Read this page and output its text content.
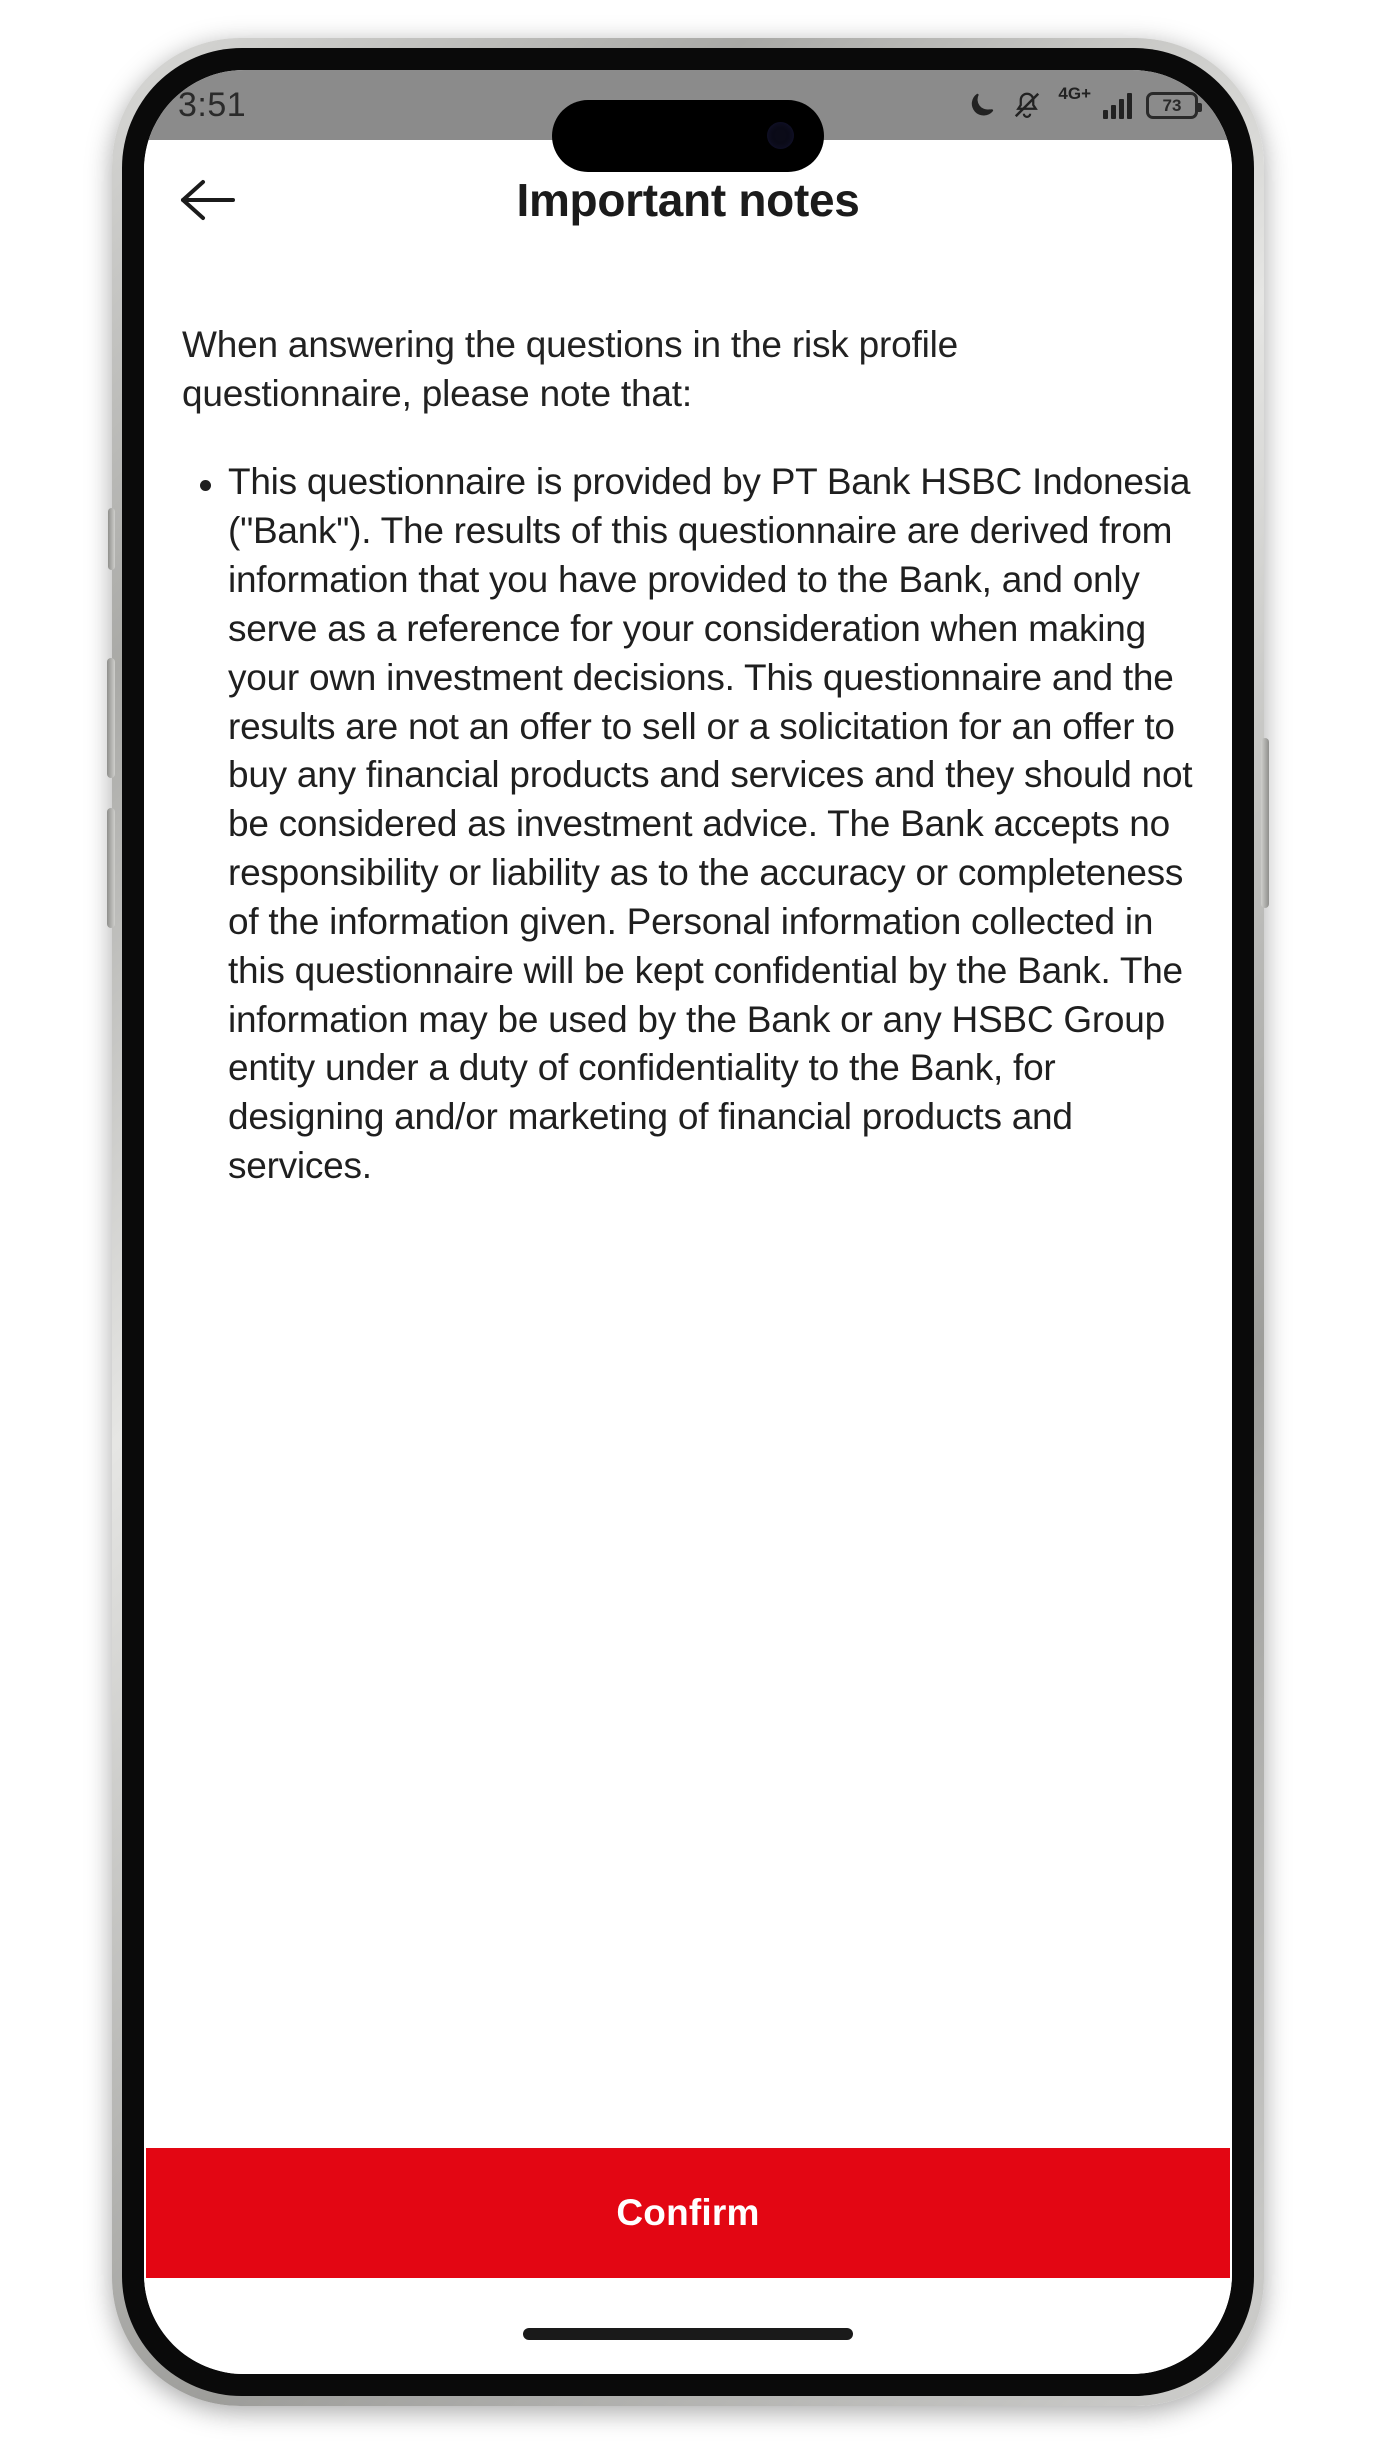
3:51	4G+
73
Important notes

When answering the questions in the risk profile questionnaire, please note that:

This questionnaire is provided by PT Bank HSBC Indonesia ("Bank"). The results of this questionnaire are derived from information that you have provided to the Bank, and only serve as a reference for your consideration when making your own investment decisions. This questionnaire and the results are not an offer to sell or a solicitation for an offer to buy any financial products and services and they should not be considered as investment advice. The Bank accepts no responsibility or liability as to the accuracy or completeness of the information given. Personal information collected in this questionnaire will be kept confidential by the Bank. The information may be used by the Bank or any HSBC Group entity under a duty of confidentiality to the Bank, for designing and/or marketing of financial products and services.

Confirm
